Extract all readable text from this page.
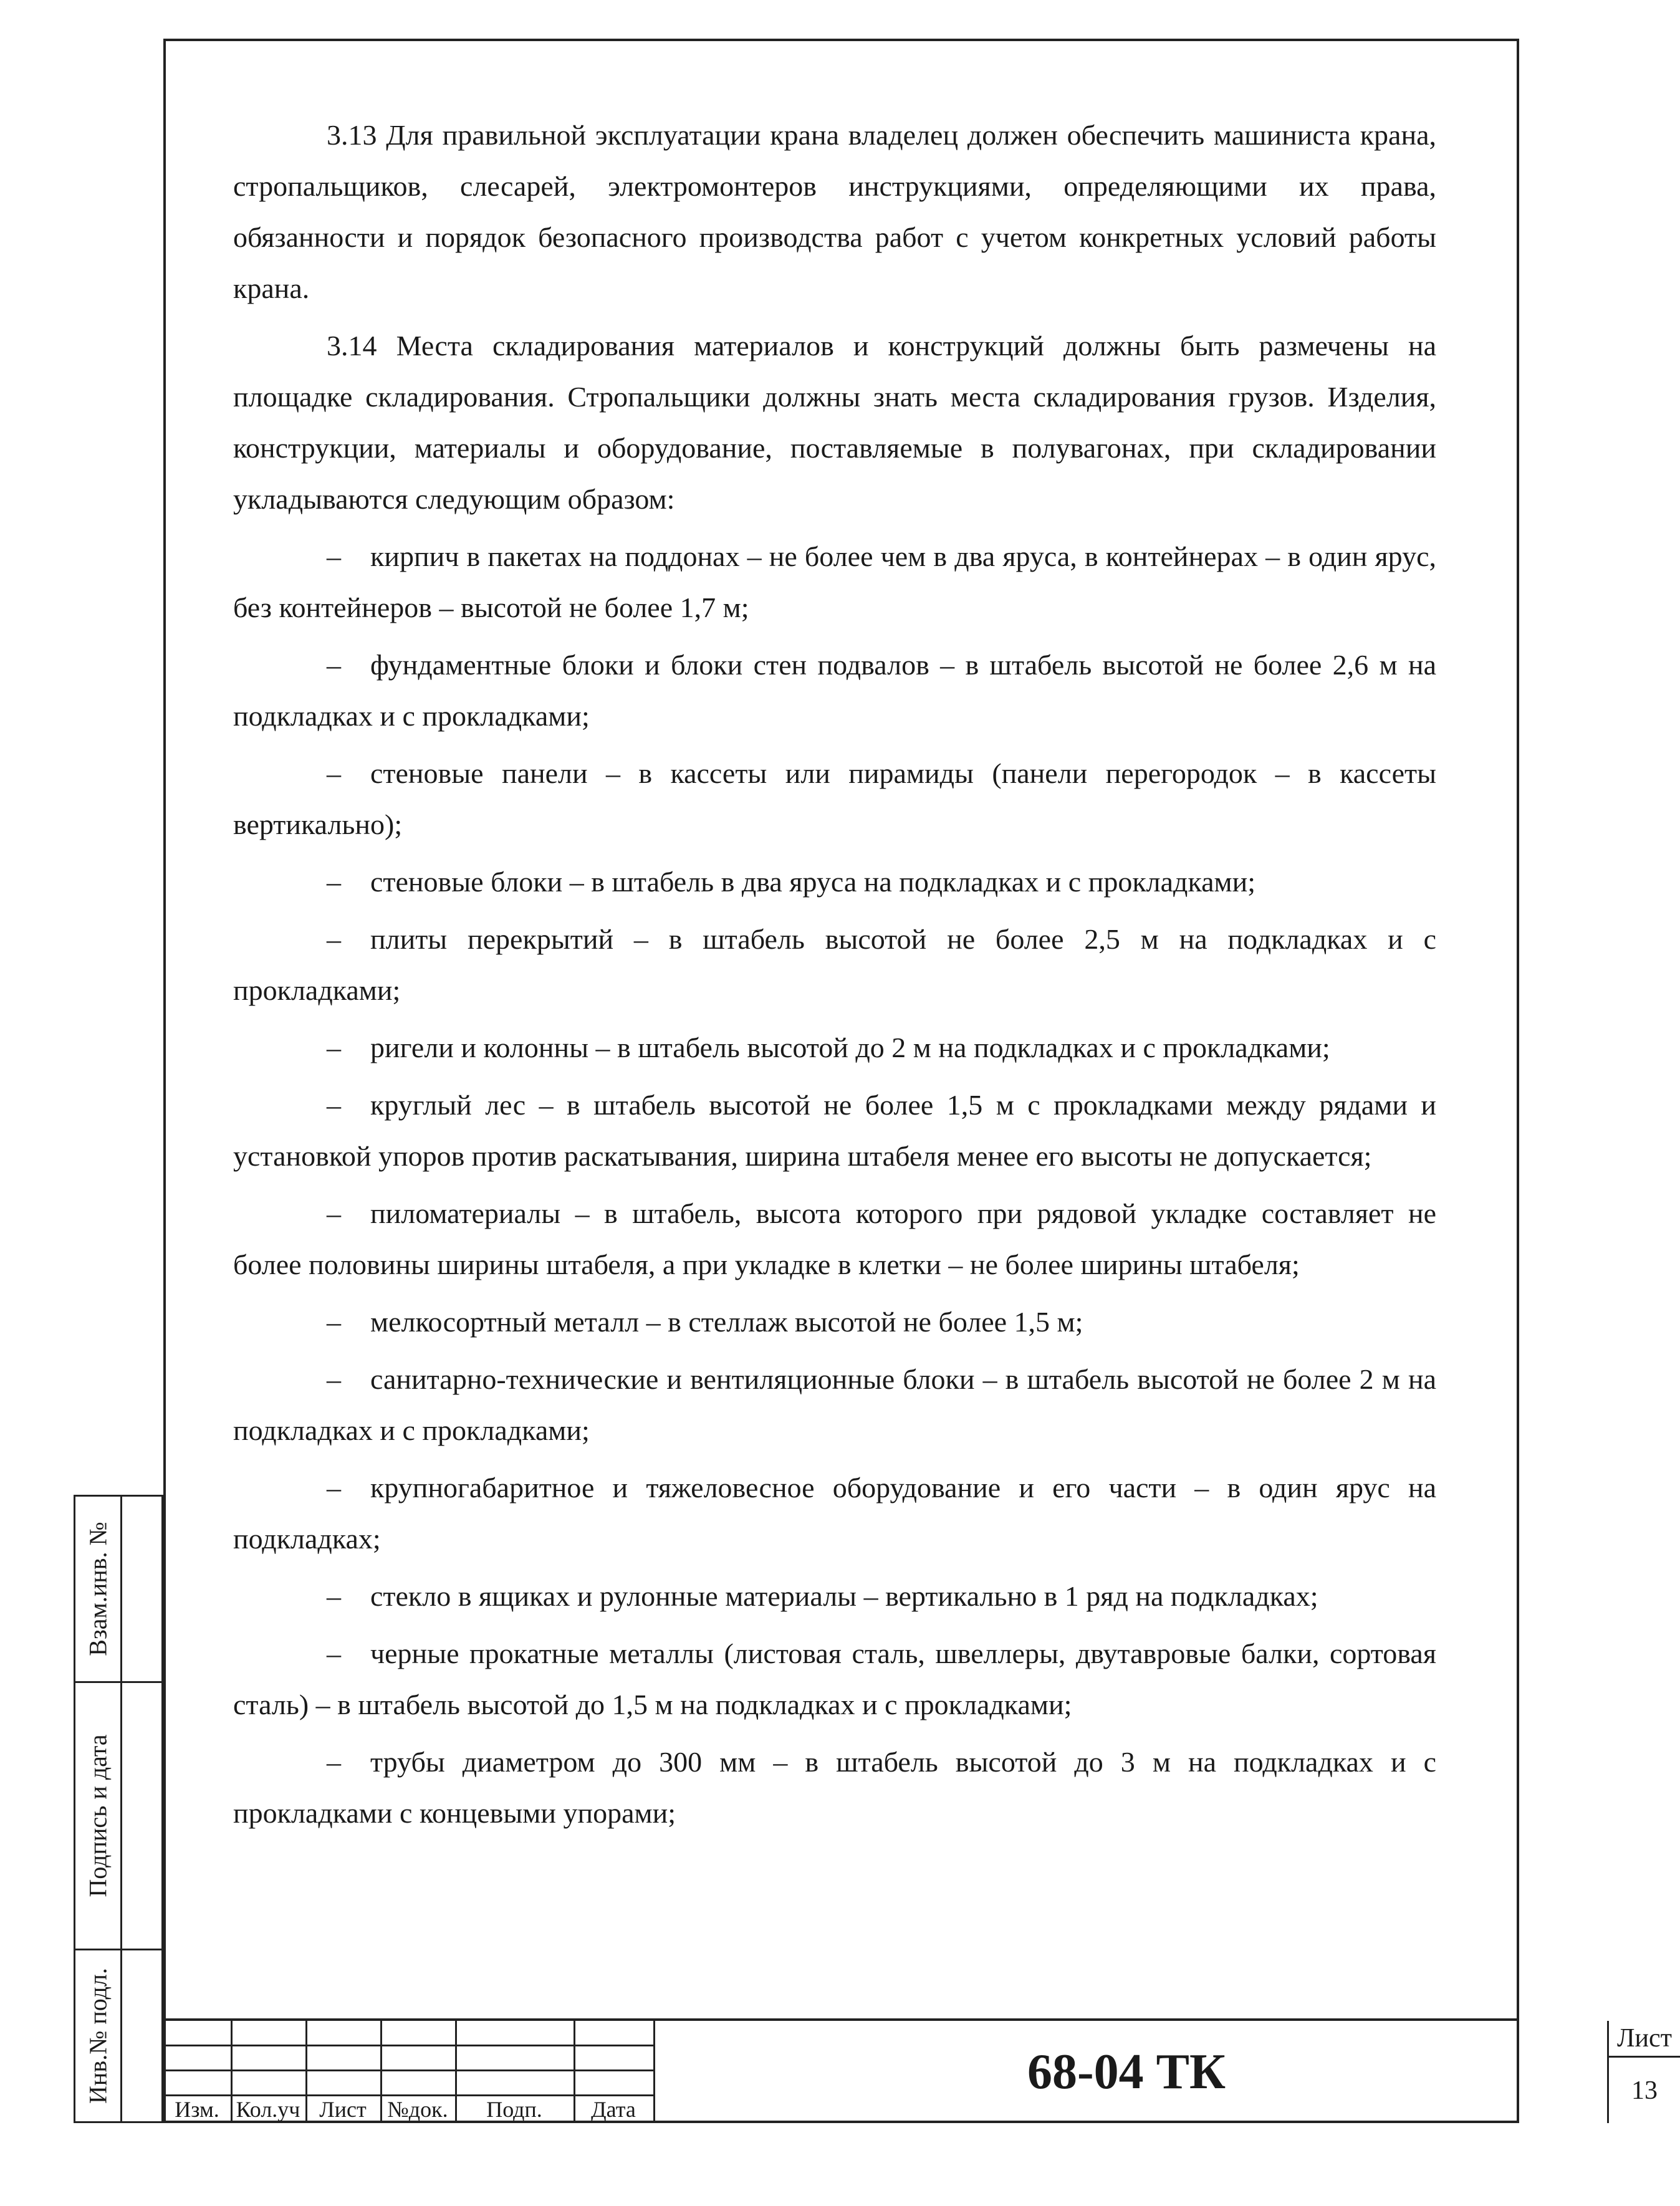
3.13 Для правильной эксплуатации крана владелец должен обеспечить машиниста крана, стропальщиков, слесарей, электромонтеров инструкциями, определяющими их права, обязанности и порядок безопасного производства работ с учетом конкретных условий работы крана.

3.14 Места складирования материалов и конструкций должны быть размечены на площадке складирования. Стропальщики должны знать места складирования грузов. Изделия, конструкции, материалы и оборудование, поставляемые в полувагонах, при складировании укладываются следующим образом:

– кирпич в пакетах на поддонах – не более чем в два яруса, в контейнерах – в один ярус, без контейнеров – высотой не более 1,7 м;

– фундаментные блоки и блоки стен подвалов – в штабель высотой не более 2,6 м на подкладках и с прокладками;

– стеновые панели – в кассеты или пирамиды (панели перегородок – в кассеты вертикально);

– стеновые блоки – в штабель в два яруса на подкладках и с прокладками;

– плиты перекрытий – в штабель высотой не более 2,5 м на подкладках и с прокладками;

– ригели и колонны – в штабель высотой до 2 м на подкладках и с прокладками;

– круглый лес – в штабель высотой не более 1,5 м с прокладками между рядами и установкой упоров против раскатывания, ширина штабеля менее его высоты не допускается;

– пиломатериалы – в штабель, высота которого при рядовой укладке составляет не более половины ширины штабеля, а при укладке в клетки – не более ширины штабеля;

– мелкосортный металл – в стеллаж высотой не более 1,5 м;

– санитарно-технические и вентиляционные блоки – в штабель высотой не более 2 м на подкладках и с прокладками;

– крупногабаритное и тяжеловесное оборудование и его части – в один ярус на подкладках;

– стекло в ящиках и рулонные материалы – вертикально в 1 ряд на подкладках;

– черные прокатные металлы (листовая сталь, швеллеры, двутавровые балки, сортовая сталь) – в штабель высотой до 1,5 м на подкладках и с прокладками;

– трубы диаметром до 300 мм – в штабель высотой до 3 м на подкладках и с прокладками с концевыми упорами;

Взам.инв. №
Подпись и дата
Инв.№ подл.
Изм. Кол.уч Лист №док.	Подп.	Дата
68-04 ТК
Лист
13
